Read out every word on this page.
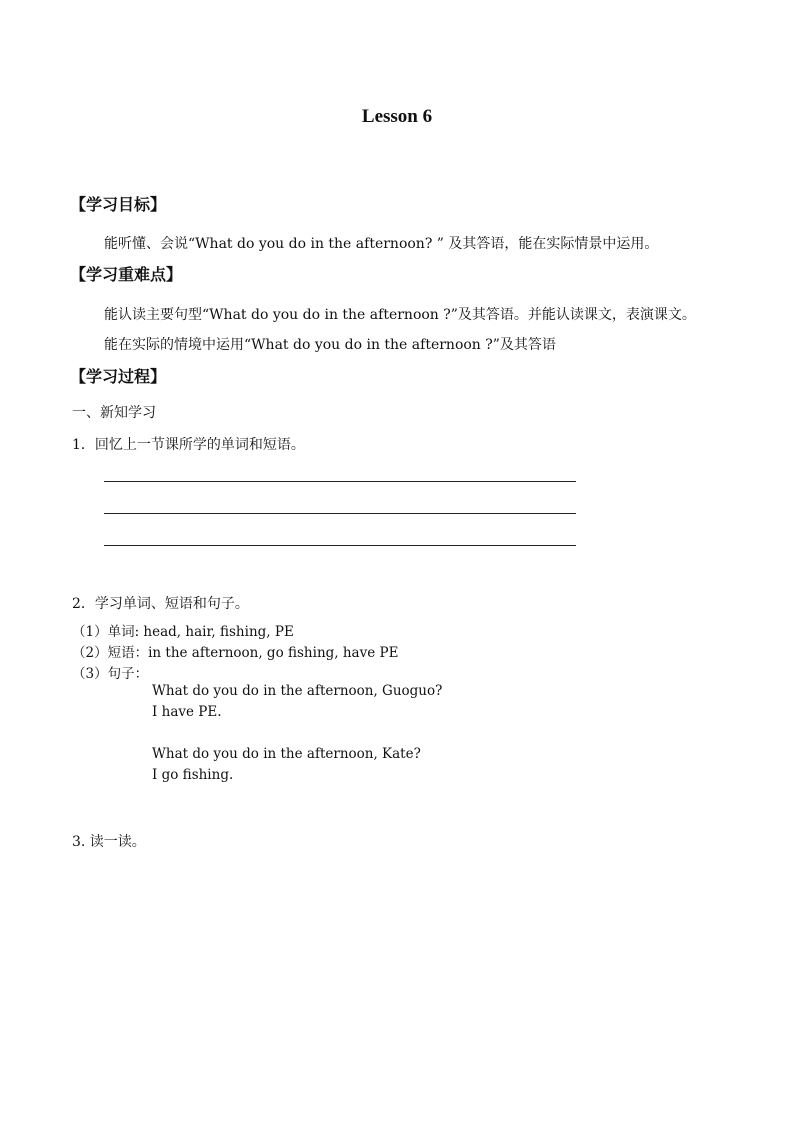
Lesson 6
【学习目标】
能听懂、会说“What do you do in the afternoon? ” 及其答语，能在实际情景中运用。
【学习重难点】
能认读主要句型“What do you do in the afternoon ?”及其答语。并能认读课文，表演课文。
能在实际的情境中运用“What do you do in the afternoon ?”及其答语
【学习过程】
一、新知学习
1．回忆上一节课所学的单词和短语。
2．学习单词、短语和句子。
（1）单词: head, hair, fishing, PE
（2）短语：in the afternoon, go fishing, have PE
（3）句子：
What do you do in the afternoon, Guoguo?
I have PE.
What do you do in the afternoon, Kate?
I go fishing.
3. 读一读。
